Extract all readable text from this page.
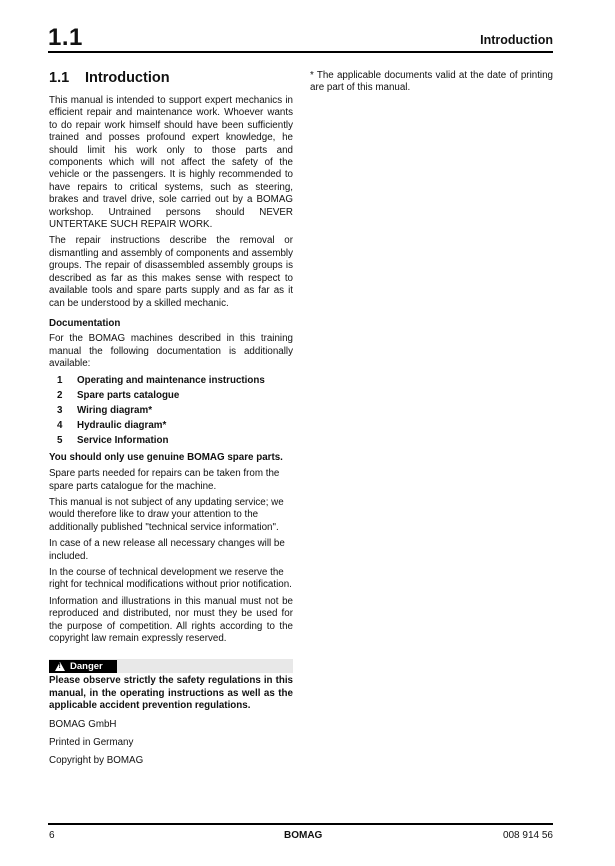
1.1	Introduction
1.1 Introduction

This manual is intended to support expert mechanics in efficient repair and maintenance work. Whoever wants to do repair work himself should have been sufficiently trained and posses profound expert knowledge, he should limit his work only to those parts and components which will not affect the safety of the vehicle or the passengers. It is highly recommended to have repairs to critical systems, such as steering, brakes and travel drive, sole carried out by a BOMAG workshop. Untrained persons should NEVER UNTERTAKE SUCH REPAIR WORK.

The repair instructions describe the removal or dismantling and assembly of components and assembly groups. The repair of disassembled assembly groups is described as far as this makes sense with respect to available tools and spare parts supply and as far as it can be understood by a skilled mechanic.

Documentation

For the BOMAG machines described in this training manual the following documentation is additionally available:

1	Operating and maintenance instructions
2	Spare parts catalogue
3	Wiring diagram*
4	Hydraulic diagram*
5	Service Information

You should only use genuine BOMAG spare parts.

Spare parts needed for repairs can be taken from the spare parts catalogue for the machine.

This manual is not subject of any updating service; we would therefore like to draw your attention to the additionally published "technical service information".

In case of a new release all necessary changes will be included.

In the course of technical development we reserve the right for technical modifications without prior notification.

Information and illustrations in this manual must not be reproduced and distributed, nor must they be used for the purpose of competition. All rights according to the copyright law remain expressly reserved.

!
Danger

Please observe strictly the safety regulations in this manual, in the operating instructions as well as the applicable accident prevention regulations.

BOMAG GmbH

Printed in Germany

Copyright by BOMAG

* The applicable documents valid at the date of printing are part of this manual.

6	BOMAG	008 914 56
